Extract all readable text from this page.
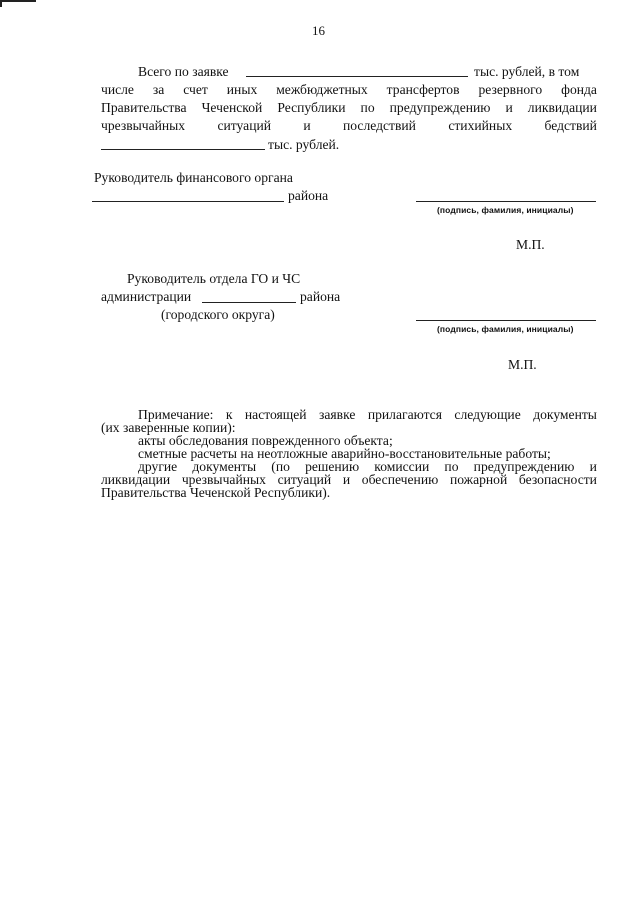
16
Всего по заявке	тыс. рублей, в том
числе за счет иных межбюджетных трансфертов резервного фонда
Правительства Чеченской Республики по предупреждению и ликвидации
чрезвычайных ситуаций и последствий стихийных бедствий
тыс. рублей.
Руководитель финансового органа
района
(подпись, фамилия, инициалы)
М.П.
Руководитель отдела ГО и ЧС
администрации	района
(городского округа)
(подпись, фамилия, инициалы)
М.П.
Примечание: к настоящей заявке прилагаются следующие документы
(их заверенные копии):
акты обследования поврежденного объекта;
сметные расчеты на неотложные аварийно-восстановительные работы;
другие документы (по решению комиссии по предупреждению и
ликвидации чрезвычайных ситуаций и обеспечению пожарной безопасности
Правительства Чеченской Республики).
